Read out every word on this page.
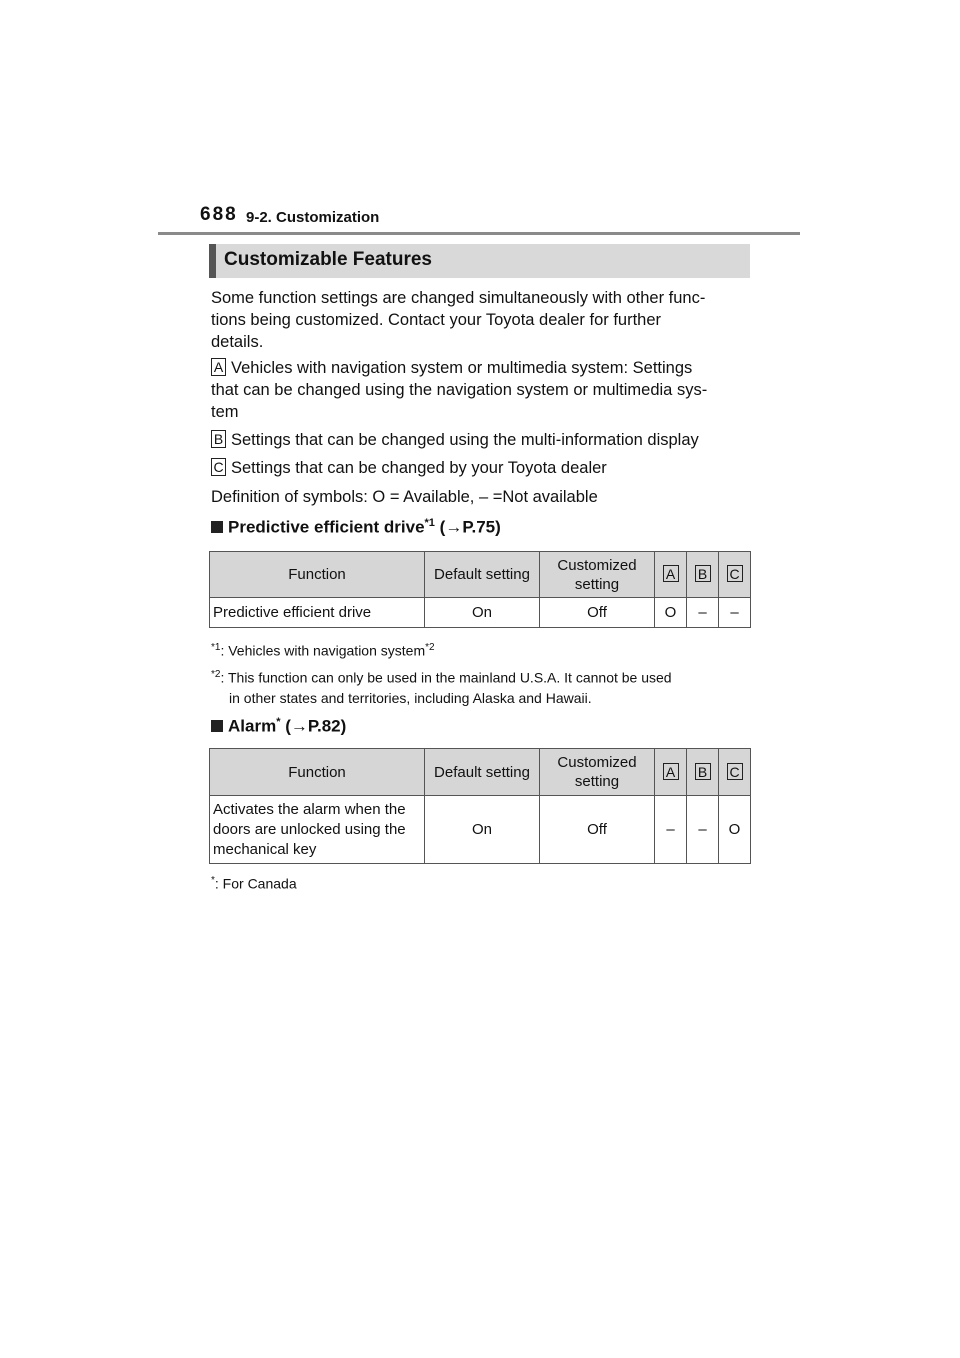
688 9-2. Customization
Customizable Features
Some function settings are changed simultaneously with other func-
tions being customized. Contact your Toyota dealer for further
details.
A Vehicles with navigation system or multimedia system: Settings
that can be changed using the navigation system or multimedia sys-
tem
B Settings that can be changed using the multi-information display
C Settings that can be changed by your Toyota dealer
Definition of symbols: O = Available, – =Not available
Predictive efficient drive$^{*1}$ (→P.75)
Function	Default setting	Customized setting	A	B	C
Predictive efficient drive	On	Off	O	–	–
$^{*1}$: Vehicles with navigation system$^{*2}$
$^{*2}$: This function can only be used in the mainland U.S.A. It cannot be used
in other states and territories, including Alaska and Hawaii.
Alarm* (→P.82)
Function	Default setting	Customized setting	A	B	C
Activates the alarm when the doors are unlocked using the mechanical key	On	Off	–	–	O
*: For Canada
